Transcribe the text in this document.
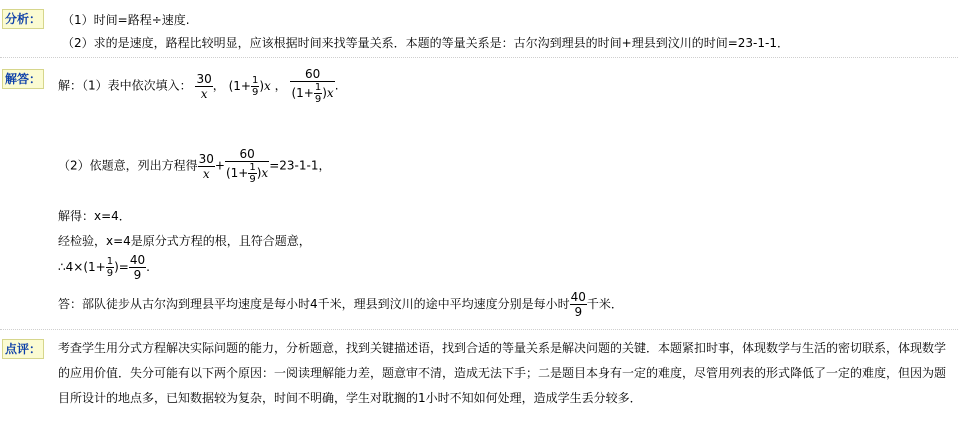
分析： （1）时间=路程÷速度.
（2）求的是速度，路程比较明显，应该根据时间来找等量关系．本题的等量关系是：古尔沟到理县的时间+理县到汶川的时间=23-1-1．
解答： 解：（1）表中依次填入： $\frac{30}{x}$ ， $(1+ \frac{1}{9} )x$ ， $\frac{60}{(1+ \frac{1}{9} )x}$ .
（2）依题意，列出方程得 $\frac{30}{x} + \frac{60}{(1+ \frac{1}{9} )x} =23-1-1$，
解得：x=4．
经检验，x=4是原分式方程的根，且符合题意，
∴4×(1+ $\frac{1}{9}$ )= $\frac{40}{9}$ .
答：部队徒步从古尔沟到理县平均速度是每小时4千米，理县到汶川的途中平均速度分别是每小时 $\frac{40}{9}$ 千米．
点评： 考查学生用分式方程解决实际问题的能力，分析题意，找到关键描述语，找到合适的等量关系是解决问题的关键．本题紧扣时事，体现数学与生活的密切联系，体现数学的应用价值．失分可能有以下两个原因：一阅读理解能力差，题意审不清，造成无法下手；二是题目本身有一定的难度，尽管用列表的形式降低了一定的难度，但因为题目所设计的地点多，已知数据较为复杂，时间不明确，学生对耽搁的1小时不知如何处理，造成学生丢分较多．
